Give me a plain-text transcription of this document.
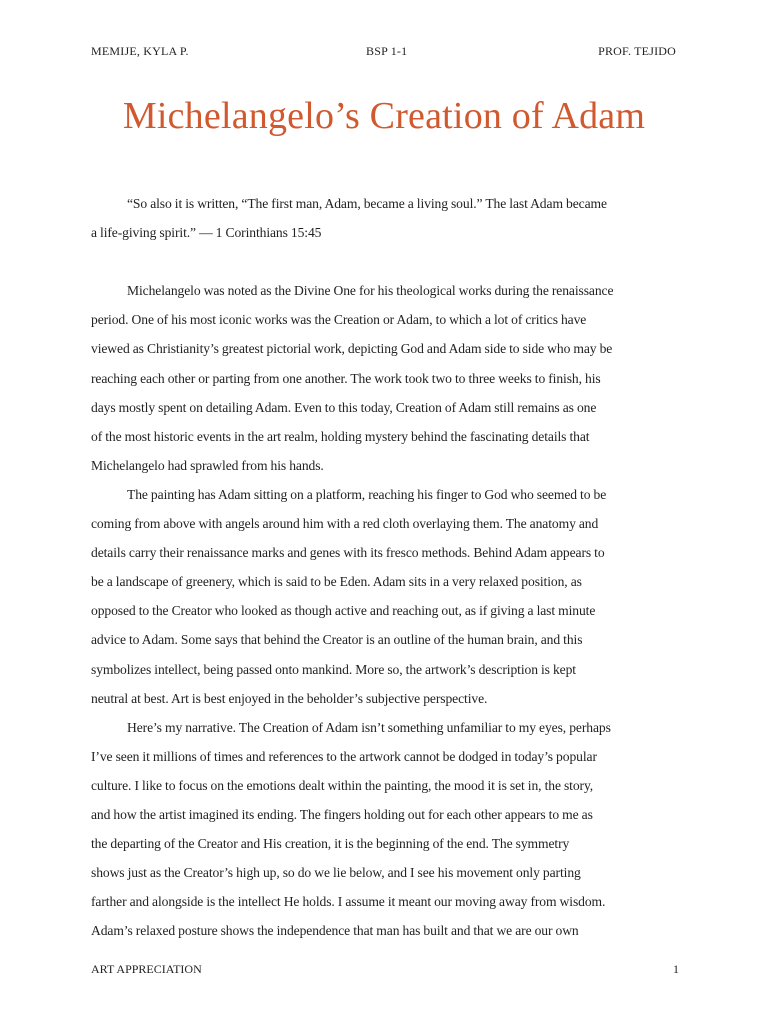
MEMIJE, KYLA P.	BSP 1-1	PROF. TEJIDO
Michelangelo’s Creation of Adam
“So also it is written, “The first man, Adam, became a living soul.” The last Adam became
a life-giving spirit.” — 1 Corinthians 15:45
Michelangelo was noted as the Divine One for his theological works during the renaissance
period. One of his most iconic works was the Creation or Adam, to which a lot of critics have
viewed as Christianity’s greatest pictorial work, depicting God and Adam side to side who may be
reaching each other or parting from one another. The work took two to three weeks to finish, his
days mostly spent on detailing Adam. Even to this today, Creation of Adam still remains as one
of the most historic events in the art realm, holding mystery behind the fascinating details that
Michelangelo had sprawled from his hands.
The painting has Adam sitting on a platform, reaching his finger to God who seemed to be
coming from above with angels around him with a red cloth overlaying them. The anatomy and
details carry their renaissance marks and genes with its fresco methods. Behind Adam appears to
be a landscape of greenery, which is said to be Eden. Adam sits in a very relaxed position, as
opposed to the Creator who looked as though active and reaching out, as if giving a last minute
advice to Adam. Some says that behind the Creator is an outline of the human brain, and this
symbolizes intellect, being passed onto mankind. More so, the artwork’s description is kept
neutral at best. Art is best enjoyed in the beholder’s subjective perspective.
Here’s my narrative. The Creation of Adam isn’t something unfamiliar to my eyes, perhaps
I’ve seen it millions of times and references to the artwork cannot be dodged in today’s popular
culture. I like to focus on the emotions dealt within the painting, the mood it is set in, the story,
and how the artist imagined its ending. The fingers holding out for each other appears to me as
the departing of the Creator and His creation, it is the beginning of the end. The symmetry
shows just as the Creator’s high up, so do we lie below, and I see his movement only parting
farther and alongside is the intellect He holds. I assume it meant our moving away from wisdom.
Adam’s relaxed posture shows the independence that man has built and that we are our own
ART APPRECIATION	1
